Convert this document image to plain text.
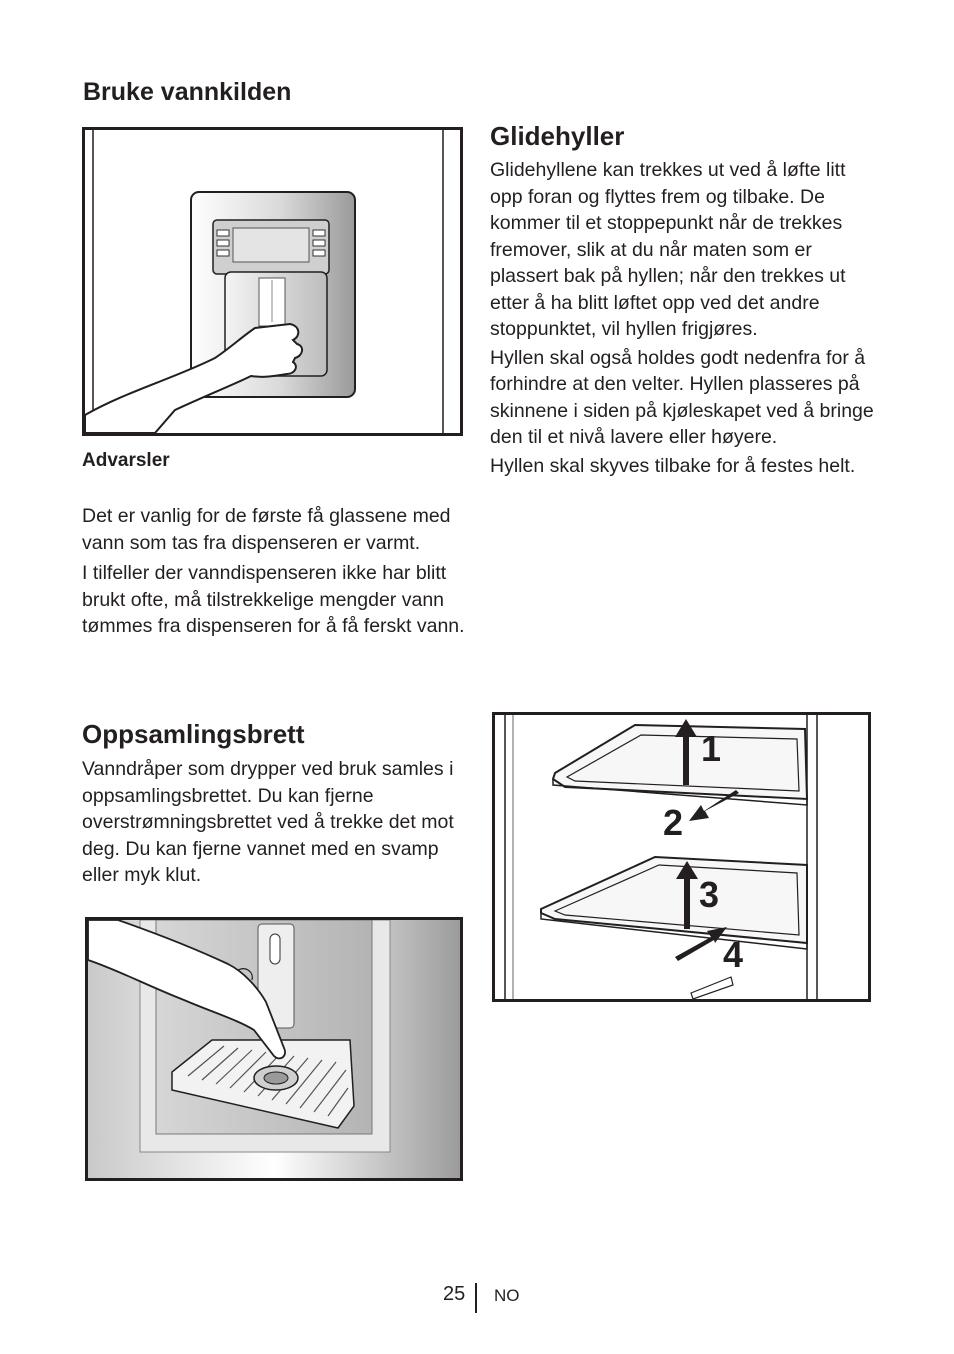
Bruke vannkilden
Advarsler

Det er vanlig for de første få glassene med vann som tas fra dispenseren er varmt.

I tilfeller der vanndispenseren ikke har blitt brukt ofte, må tilstrekkelige mengder vann tømmes fra dispenseren for å få ferskt vann.

Glidehyller

Glidehyllene kan trekkes ut ved å løfte litt opp foran og flyttes frem og tilbake. De kommer til et stoppepunkt når de trekkes fremover, slik at du når maten som er plassert bak på hyllen; når den trekkes ut etter å ha blitt løftet opp ved det andre stoppunktet, vil hyllen frigjøres.

Hyllen skal også holdes godt nedenfra for å forhindre at den velter. Hyllen plasseres på skinnene i siden på kjøleskapet ved å bringe den til et nivå lavere eller høyere.

Hyllen skal skyves tilbake for å festes helt.

1
2
3
4
Oppsamlingsbrett

Vanndråper som drypper ved bruk samles i oppsamlingsbrettet. Du kan fjerne overstrømningsbrettet ved å trekke det mot deg. Du kan fjerne vannet med en svamp eller myk klut.

25 NO
